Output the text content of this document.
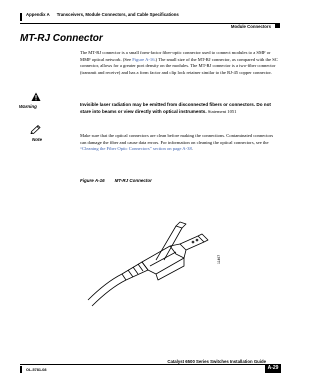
Appendix A      Transceivers, Module Connectors, and Cable Specifications
Module Connectors
MT-RJ Connector
The MT-RJ connector is a small form-factor fiber-optic connector used to connect modules to a SMF or MMF optical network. (See Figure A-16.) The small size of the MT-RJ connector, as compared with the SC connector, allows for a greater port density on the modules. The MT-RJ connector is a two-fiber connector (transmit and receive) and has a form factor and clip lock retainer similar to the RJ-45 copper connector.
Warning	Invisible laser radiation may be emitted from disconnected fibers or connectors. Do not stare into beams or view directly with optical instruments. Statement 1051
Note
Make sure that the optical connectors are clean before making the connections. Contaminated connectors can damage the fiber and cause data errors. For information on cleaning the optical connectors, see the “Cleaning the Fiber Optic Connectors” section on page A-38.
Figure A-16 MT-RJ Connector
11467
Catalyst 6500 Series Switches Installation Guide
OL-5781-08	A-29
